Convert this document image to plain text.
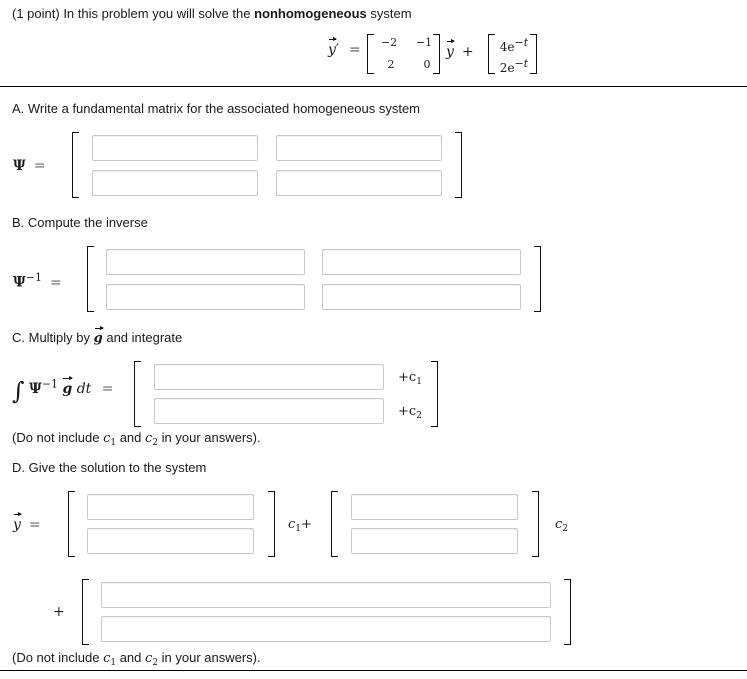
(1 point) In this problem you will solve the nonhomogeneous system
y′ =	−2	−1
2	0
y +	$4e^{-t}$
$2e^{-t}$
A. Write a fundamental matrix for the associated homogeneous system
Ψ =
B. Compute the inverse
$\Psi^{-1}$ =
C. Multiply by g and integrate
∫ $\Psi^{-1}$ g dt =
$+c_1$
$+c_2$
(Do not include $c_1$ and $c_2$ in your answers).
D. Give the solution to the system
y =	$c_1+$	$c_2$
+
(Do not include $c_1$ and $c_2$ in your answers).
